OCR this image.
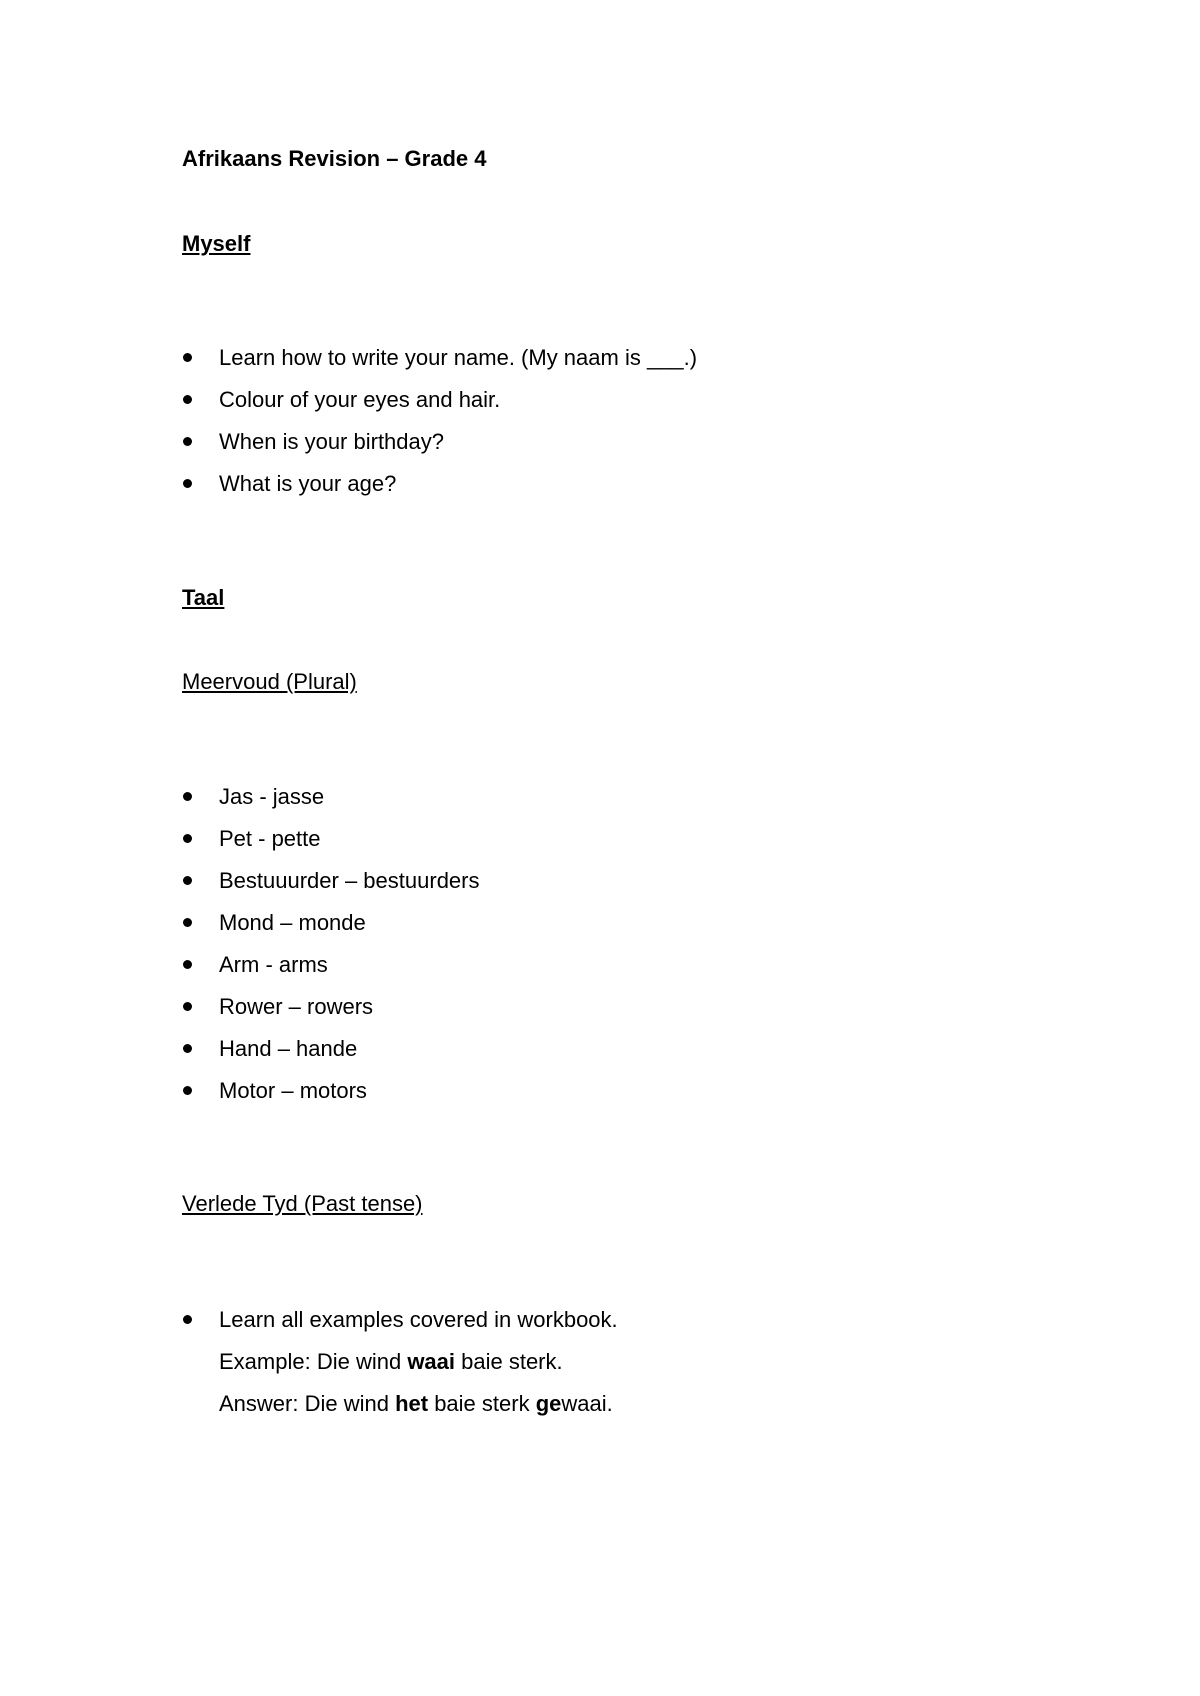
Afrikaans Revision – Grade 4
Myself
Learn how to write your name. (My naam is ___.)
Colour of your eyes and hair.
When is your birthday?
What is your age?
Taal
Meervoud (Plural)
Jas - jasse
Pet - pette
Bestuuurder – bestuurders
Mond – monde
Arm - arms
Rower – rowers
Hand – hande
Motor – motors
Verlede Tyd (Past tense)
Learn all examples covered in workbook.
Example: Die wind waai baie sterk.
Answer: Die wind het baie sterk gewaai.
